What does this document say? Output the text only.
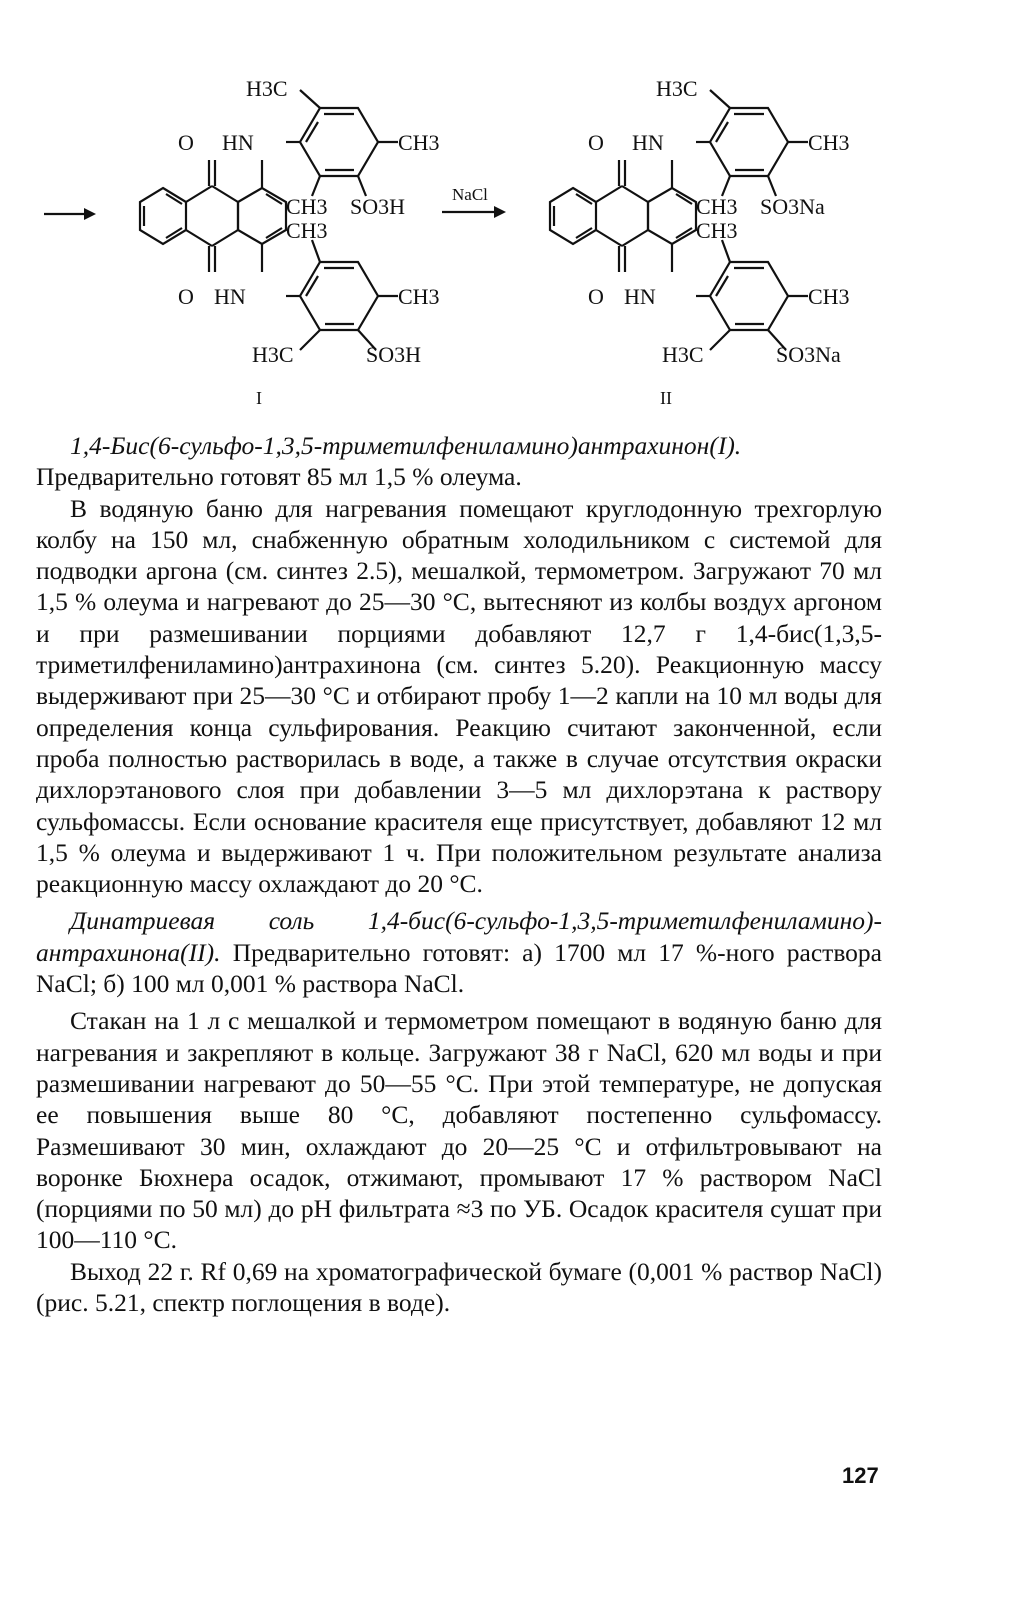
H3C
CH3
HN
O
CH3 SO3H
CH3
HN
O	CH3
H3C	SO3H
I
NaCl
H3C
CH3
HN
O
CH3 SO3Na
CH3
HN
O	CH3
H3C	SO3Na
II

1,4-Бис(6-сульфо-1,3,5-триметилфениламино)антрахинон(I). Предварительно готовят 85 мл 1,5 % олеума.

В водяную баню для нагревания помещают круглодонную трехгорлую колбу на 150 мл, снабженную обратным холодильником с системой для подводки аргона (см. синтез 2.5), мешалкой, термометром. Загружают 70 мл 1,5 % олеума и нагревают до 25—30 °С, вытесняют из колбы воздух аргоном и при размешивании порциями добавляют 12,7 г 1,4-бис(1,3,5-триметилфениламино)антрахинона (см. синтез 5.20). Реакционную массу выдерживают при 25—30 °С и отбирают пробу 1—2 капли на 10 мл воды для определения конца сульфирования. Реакцию считают законченной, если проба полностью растворилась в воде, а также в случае отсутствия окраски дихлорэтанового слоя при добавлении 3—5 мл дихлорэтана к раствору сульфомассы. Если основание красителя еще присутствует, добавляют 12 мл 1,5 % олеума и выдерживают 1 ч. При положительном результате анализа реакционную массу охлаждают до 20 °С.

Динатриевая соль 1,4-бис(6-сульфо-1,3,5-триметилфениламино)-антрахинона(II). Предварительно готовят: а) 1700 мл 17 %-ного раствора NaCl; б) 100 мл 0,001 % раствора NaCl.

Стакан на 1 л с мешалкой и термометром помещают в водяную баню для нагревания и закрепляют в кольце. Загружают 38 г NaCl, 620 мл воды и при размешивании нагревают до 50—55 °С. При этой температуре, не допуская ее повышения выше 80 °С, добавляют постепенно сульфомассу. Размешивают 30 мин, охлаждают до 20—25 °С и отфильтровывают на воронке Бюхнера осадок, отжимают, промывают 17 % раствором NaCl (порциями по 50 мл) до pH фильтрата ≈3 по УБ. Осадок красителя сушат при 100—110 °С.

Выход 22 г. Rf 0,69 на хроматографической бумаге (0,001 % раствор NaCl) (рис. 5.21, спектр поглощения в воде).

127
